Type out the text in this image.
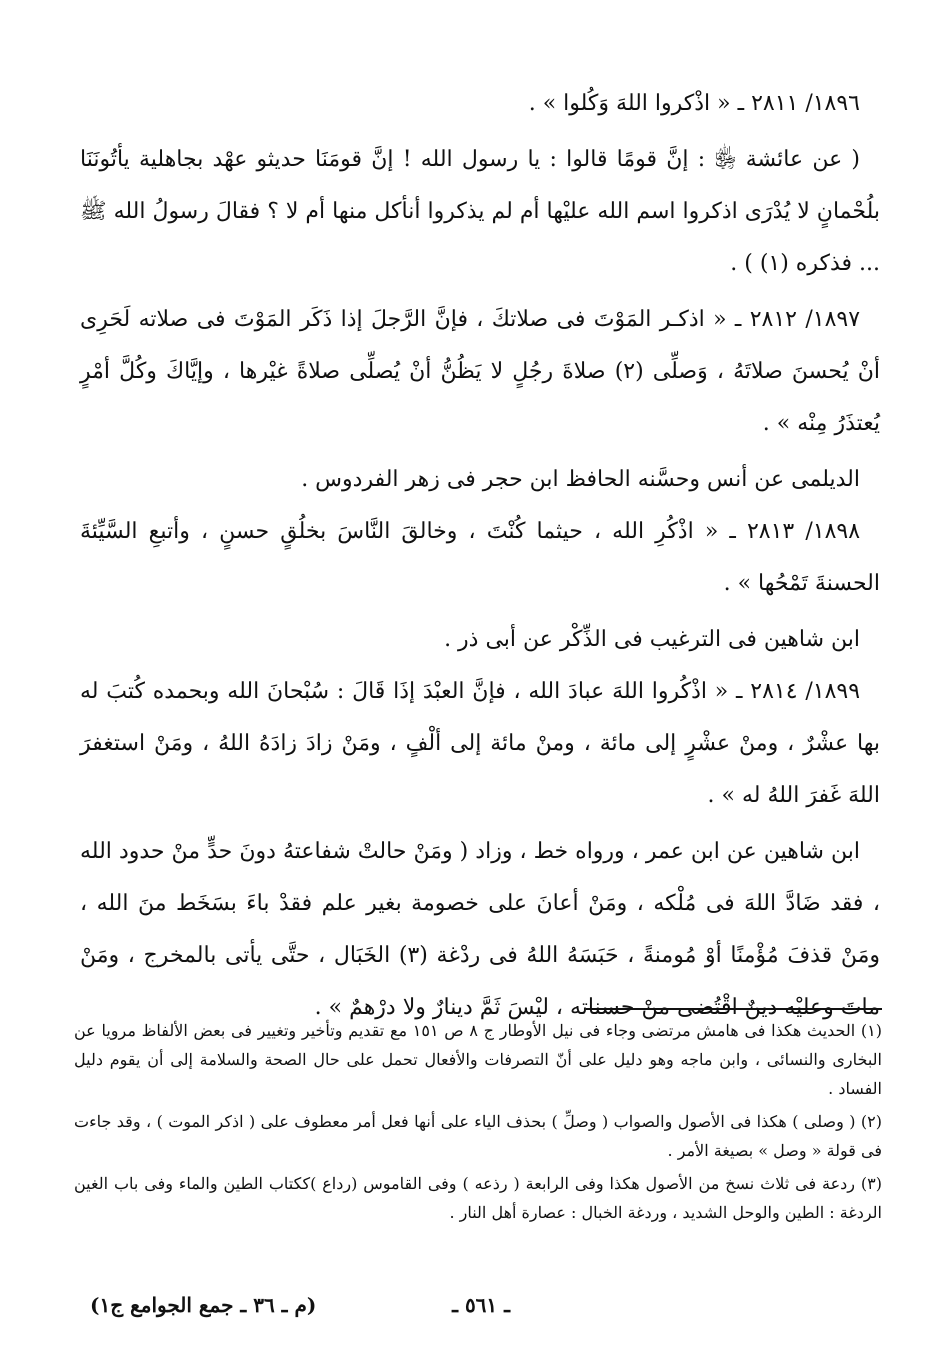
١٨٩٦/ ٢٨١١ ـ « اذْكروا اللهَ وَكُلوا » .

( عن عائشة ﵂ : إنَّ قومًا قالوا : يا رسول الله ! إنَّ قومَنَا حديثو عهْد بجاهلية يأتُونَنَا بلُحْمانٍ لا يُدْرَى اذكروا اسم الله عليْها أم لم يذكروا أنأكل منها أم لا ؟ فقالَ رسولُ الله ﷺ ... فذكره (١) ) .

١٨٩٧/ ٢٨١٢ ـ « اذكـر المَوْتَ فى صلاتكَ ، فإنَّ الرَّجلَ إذا ذَكَر المَوْتَ فى صلاته لَحَرِى أنْ يُحسنَ صلاتَهُ ، وَصلِّى (٢) صلاةَ رجُلٍ لا يَظُنُّ أنْ يُصلِّى صلاةً غيْرها ، وإيَّاكَ وكُلَّ أمْرٍ يُعتذَرُ مِنْه » .

الديلمى عن أنس وحسَّنه الحافظ ابن حجر فى زهر الفردوس .

١٨٩٨/ ٢٨١٣ ـ « اذْكُرِ الله ، حيثما كُنْتَ ، وخالقَ النَّاسَ بخلُقٍ حسنٍ ، وأتبعِ السَّيِّئةَ الحسنةَ تَمْحُها » .

ابن شاهين فى الترغيب فى الذِّكْر عن أبى ذر .

١٨٩٩/ ٢٨١٤ ـ « اذْكُروا اللهَ عبادَ الله ، فإنَّ العبْدَ إذَا قَالَ : سُبْحانَ الله وبحمده كُتبَ له بها عشْرٌ ، ومنْ عشْرٍ إلى مائة ، ومنْ مائة إلى ألْفٍ ، ومَنْ زادَ زادَهُ اللهُ ، ومَنْ استغفرَ اللهَ غَفرَ اللهُ له » .

ابن شاهين عن ابن عمر ، ورواه خط ، وزاد ( ومَنْ حالتْ شفاعتهُ دونَ حدٍّ منْ حدود الله ، فقد ضَادَّ اللهَ فى مُلْكه ، ومَنْ أعانَ على خصومة بغير علم فقدْ باءَ بسَخَط منَ الله ، ومَنْ قذفَ مُؤْمنًا أوْ مُومنةً ، حَبَسَهُ اللهُ فى ردْغة (٣) الخَبَال ، حتَّى يأتى بالمخرج ، ومَنْ ماتَ وعليْه دينٌ اقْتُضى منْ حسناته ، ليْسَ ثَمَّ دينارٌ ولا درْهمٌ » .

(١) الحديث هكذا فى هامش مرتضى وجاء فى نيل الأوطار ج ٨ ص ١٥١ مع تقديم وتأخير وتغيير فى بعض الألفاظ مرويا عن البخارى والنسائى ، وابن ماجه وهو دليل على أنّ التصرفات والأفعال تحمل على حال الصحة والسلامة إلى أن يقوم دليل الفساد .

(٢) ( وصلى ) هكذا فى الأصول والصواب ( وصلِّ ) بحذف الياء على أنها فعل أمر معطوف على ( اذكر الموت ) ، وقد جاءت فى قولة « وصل » بصيغة الأمر .

(٣) ردعة فى ثلاث نسخ من الأصول هكذا وفى الرابعة ( رذعه ) وفى القاموس (رداع )ككتاب الطين والماء وفى باب الغين الردغة : الطين والوحل الشديد ، وردغة الخبال : عصارة أهل النار .

(م ـ ٣٦ ـ جمع الجوامع ج١)	ـ ٥٦١ ـ
